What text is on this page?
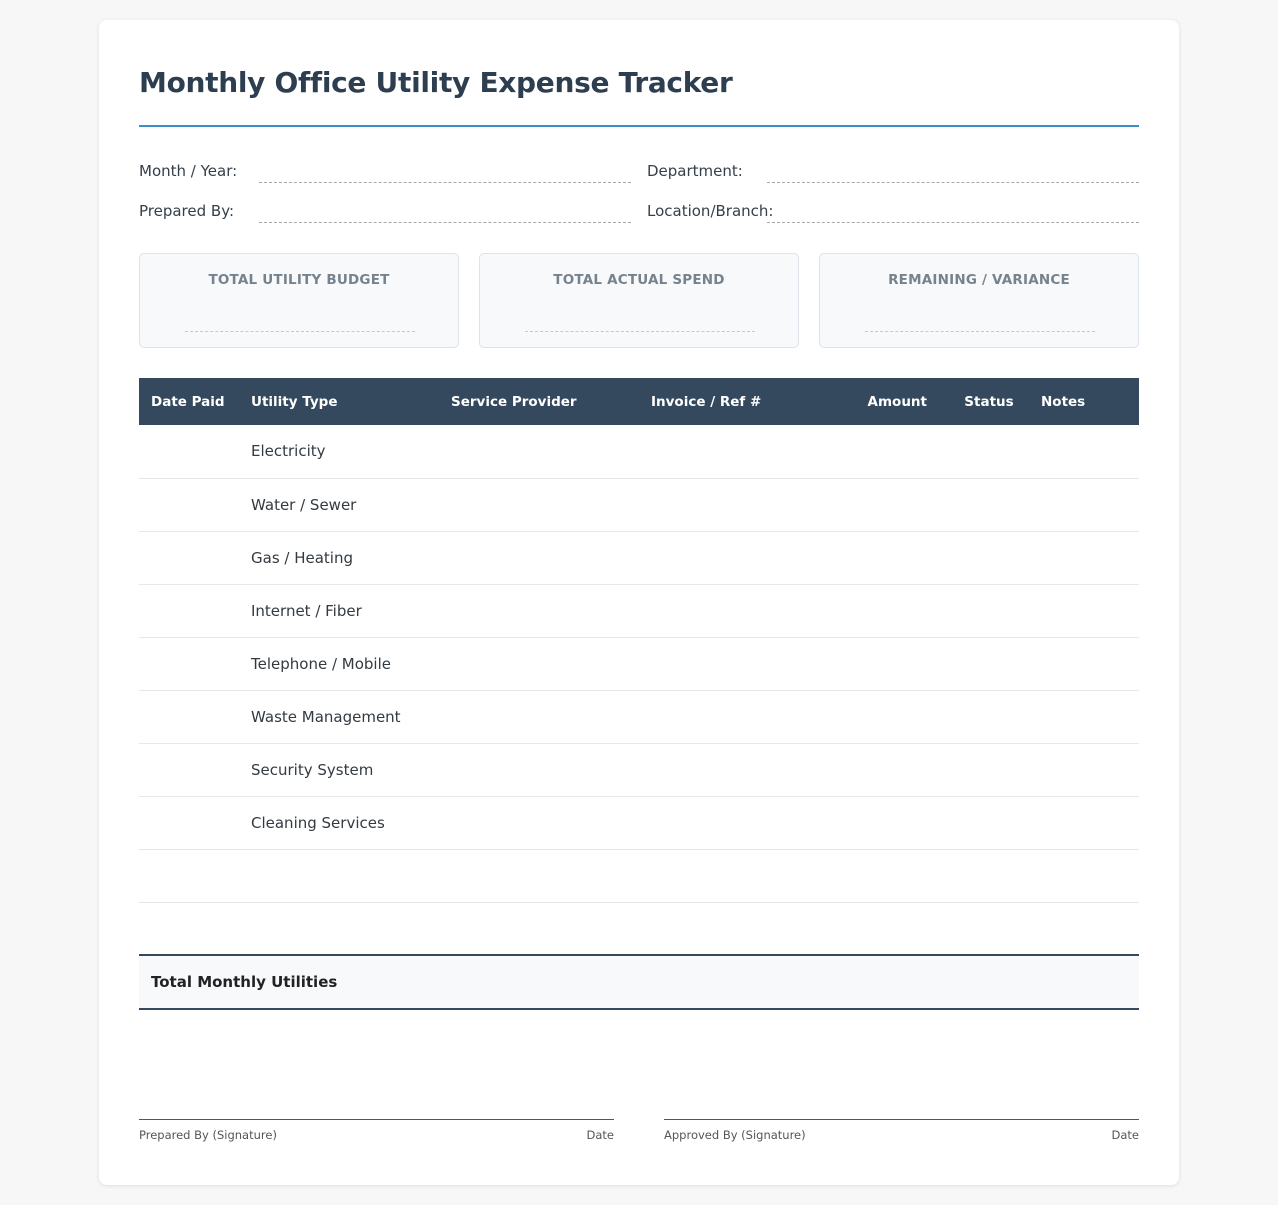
Monthly Office Utility Expense Tracker
Month / Year:	Department:
Prepared By:	Location/Branch:
TOTAL UTILITY BUDGET	TOTAL ACTUAL SPEND	REMAINING / VARIANCE
Date Paid	Utility Type	Service Provider	Invoice / Ref #	Amount	Status	Notes
	Electricity					
	Water / Sewer					
	Gas / Heating					
	Internet / Fiber					
	Telephone / Mobile					
	Waste Management					
	Security System					
	Cleaning Services					

Total Monthly Utilities
Prepared By (Signature)	Date	Approved By (Signature)	Date
